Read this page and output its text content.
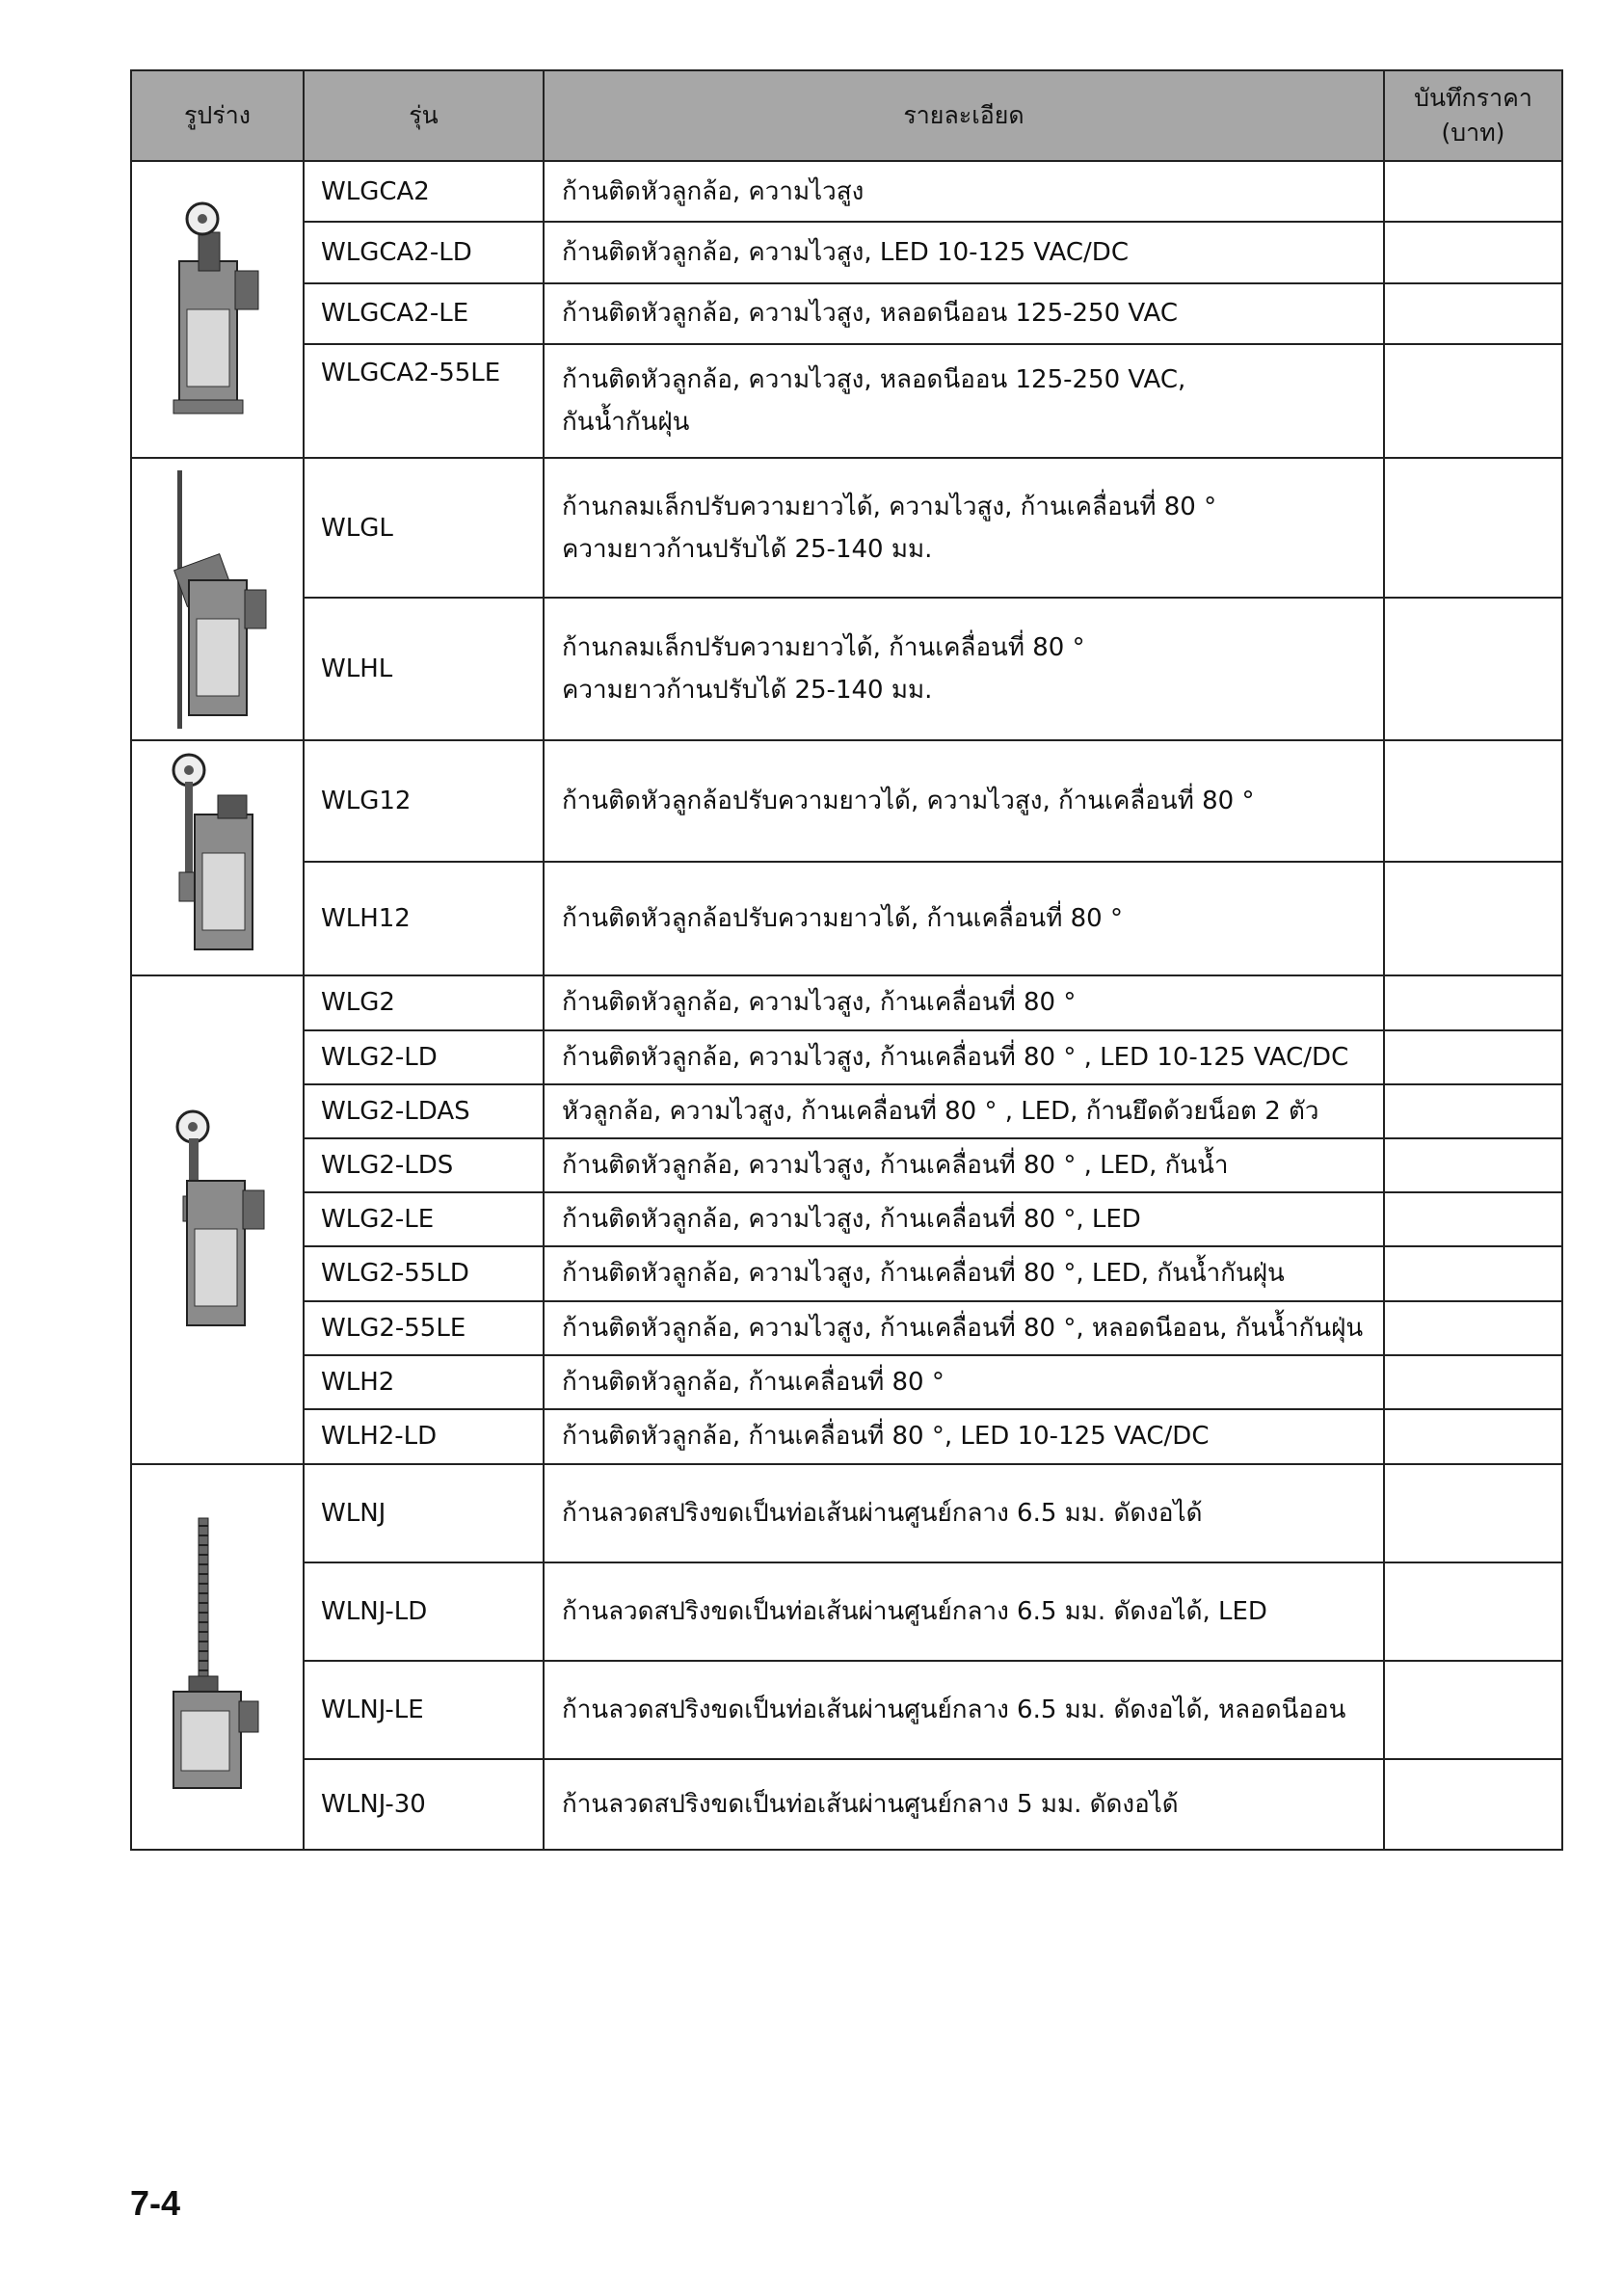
รูปร่าง	รุ่น	รายละเอียด	บันทึกราคา
(บาท)

	WLGCA2	ก้านติดหัวลูกล้อ, ความไวสูง	

	WLGCA2-LD	ก้านติดหัวลูกล้อ, ความไวสูง, LED 10-125 VAC/DC	

	WLGCA2-LE	ก้านติดหัวลูกล้อ, ความไวสูง, หลอดนีออน 125-250 VAC	

	WLGCA2-55LE	ก้านติดหัวลูกล้อ, ความไวสูง, หลอดนีออน 125-250 VAC,
กันน้ำกันฝุ่น	

	WLGL	ก้านกลมเล็กปรับความยาวได้, ความไวสูง, ก้านเคลื่อนที่ 80 °
ความยาวก้านปรับได้ 25-140 มม.	

	WLHL	ก้านกลมเล็กปรับความยาวได้, ก้านเคลื่อนที่ 80 °
ความยาวก้านปรับได้ 25-140 มม.	

	WLG12	ก้านติดหัวลูกล้อปรับความยาวได้, ความไวสูง, ก้านเคลื่อนที่ 80 °	

	WLH12	ก้านติดหัวลูกล้อปรับความยาวได้, ก้านเคลื่อนที่ 80 °	

	WLG2	ก้านติดหัวลูกล้อ, ความไวสูง, ก้านเคลื่อนที่ 80 °	

	WLG2-LD	ก้านติดหัวลูกล้อ, ความไวสูง, ก้านเคลื่อนที่ 80 ° , LED 10-125 VAC/DC	

	WLG2-LDAS	หัวลูกล้อ, ความไวสูง, ก้านเคลื่อนที่ 80 ° , LED, ก้านยึดด้วยน็อต 2 ตัว	

	WLG2-LDS	ก้านติดหัวลูกล้อ, ความไวสูง, ก้านเคลื่อนที่ 80 ° , LED, กันน้ำ	

	WLG2-LE	ก้านติดหัวลูกล้อ, ความไวสูง, ก้านเคลื่อนที่ 80 °, LED	

	WLG2-55LD	ก้านติดหัวลูกล้อ, ความไวสูง, ก้านเคลื่อนที่ 80 °, LED, กันน้ำกันฝุ่น	

	WLG2-55LE	ก้านติดหัวลูกล้อ, ความไวสูง, ก้านเคลื่อนที่ 80 °, หลอดนีออน, กันน้ำกันฝุ่น	

	WLH2	ก้านติดหัวลูกล้อ, ก้านเคลื่อนที่ 80 °	

	WLH2-LD	ก้านติดหัวลูกล้อ, ก้านเคลื่อนที่ 80 °, LED 10-125 VAC/DC	

	WLNJ	ก้านลวดสปริงขดเป็นท่อเส้นผ่านศูนย์กลาง 6.5 มม. ดัดงอได้	

	WLNJ-LD	ก้านลวดสปริงขดเป็นท่อเส้นผ่านศูนย์กลาง 6.5 มม. ดัดงอได้, LED	

	WLNJ-LE	ก้านลวดสปริงขดเป็นท่อเส้นผ่านศูนย์กลาง 6.5 มม. ดัดงอได้, หลอดนีออน	

	WLNJ-30	ก้านลวดสปริงขดเป็นท่อเส้นผ่านศูนย์กลาง 5 มม. ดัดงอได้	

7-4
